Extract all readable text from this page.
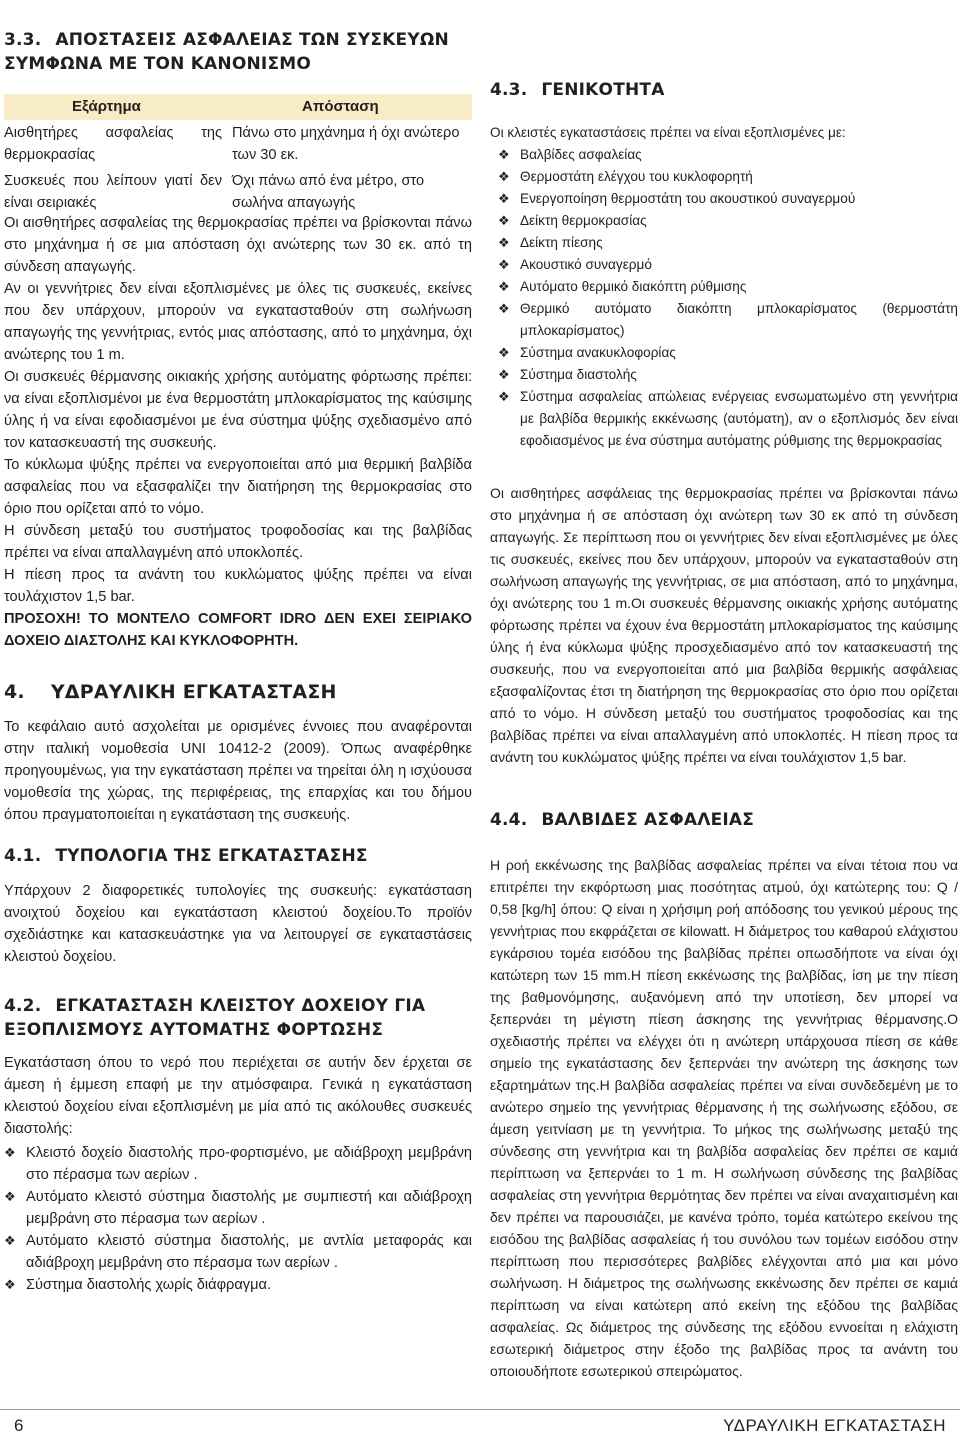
3.3. ΑΠΟΣΤΑΣΕΙΣ ΑΣΦΑΛΕΙΑΣ ΤΩΝ ΣΥΣΚΕΥΩΝ ΣΥΜΦΩΝΑ ΜΕ ΤΟΝ ΚΑΝΟΝΙΣΜΟ
Εξάρτημα	Απόσταση
Αισθητήρες ασφαλείας της θερμοκρασίας
Πάνω στο μηχάνημα ή όχι ανώτερο των 30 εκ.
Συσκευές που λείπουν γιατί δεν είναι σειριακές
Όχι πάνω από ένα μέτρο, στο σωλήνα απαγωγής

Οι αισθητήρες ασφαλείας της θερμοκρασίας πρέπει να βρίσκονται πάνω στο μηχάνημα ή σε μια απόσταση όχι ανώτερης των 30 εκ. από τη σύνδεση απαγωγής.

Αν οι γεννήτριες δεν είναι εξοπλισμένες με όλες τις συσκευές, εκείνες που δεν υπάρχουν, μπορούν να εγκατασταθούν στη σωλήνωση απαγωγής της γεννήτριας, εντός μιας απόστασης, από το μηχάνημα, όχι ανώτερης του 1 m.

Οι συσκευές θέρμανσης οικιακής χρήσης αυτόματης φόρτωσης πρέπει: να είναι εξοπλισμένοι με ένα θερμοστάτη μπλοκαρίσματος της καύσιμης ύλης ή να είναι εφοδιασμένοι με ένα σύστημα ψύξης σχεδιασμένο από τον κατασκευαστή της συσκευής.

Το κύκλωμα ψύξης πρέπει να ενεργοποιείται από μια θερμική βαλβίδα ασφαλείας που να εξασφαλίζει την διατήρηση της θερμοκρασίας στο όριο που ορίζεται από το νόμο.

Η σύνδεση μεταξύ του συστήματος τροφοδοσίας και της βαλβίδας πρέπει να είναι απαλλαγμένη από υποκλοπές.

Η πίεση προς τα ανάντη του κυκλώματος ψύξης πρέπει να είναι τουλάχιστον 1,5 bar.

ΠΡΟΣΟΧΗ! ΤΟ ΜΟΝΤΕΛΟ COMFORT IDRO ΔΕΝ ΕΧΕΙ ΣΕΙΡΙΑΚΟ ΔΟΧΕΙΟ ΔΙΑΣΤΟΛΗΣ ΚΑΙ ΚΥΚΛΟΦΟΡΗΤΗ.

4. ΥΔΡΑΥΛΙΚΗ ΕΓΚΑΤΑΣΤΑΣΗ

Το κεφάλαιο αυτό ασχολείται με ορισμένες έννοιες που αναφέρονται στην ιταλική νομοθεσία UNI 10412-2 (2009). Όπως αναφέρθηκε προηγουμένως, για την εγκατάσταση πρέπει να τηρείται όλη η ισχύουσα νομοθεσία της χώρας, της περιφέρειας, της επαρχίας και του δήμου όπου πραγματοποιείται η εγκατάσταση της συσκευής.

4.1. ΤΥΠΟΛΟΓΙΑ ΤΗΣ ΕΓΚΑΤΑΣΤΑΣΗΣ

Υπάρχουν 2 διαφορετικές τυπολογίες της συσκευής: εγκατάσταση ανοιχτού δοχείου και εγκατάσταση κλειστού δοχείου.Το προϊόν σχεδιάστηκε και κατασκευάστηκε για να λειτουργεί σε εγκαταστάσεις κλειστού δοχείου.

4.2. ΕΓΚΑΤΑΣΤΑΣΗ ΚΛΕΙΣΤΟΥ ΔΟΧΕΙΟΥ ΓΙΑ ΕΞΟΠΛΙΣΜΟΥΣ ΑΥΤΟΜΑΤΗΣ ΦΟΡΤΩΣΗΣ

Εγκατάσταση όπου το νερό που περιέχεται σε αυτήν δεν έρχεται σε άμεση ή έμμεση επαφή με την ατμόσφαιρα. Γενικά η εγκατάσταση κλειστού δοχείου είναι εξοπλισμένη με μία από τις ακόλουθες συσκευές διαστολής:

❖ Κλειστό δοχείο διαστολής προ-φορτισμένο, με αδιάβροχη μεμβράνη στο πέρασμα των αερίων .
❖ Αυτόματο κλειστό σύστημα διαστολής με συμπιεστή και αδιάβροχη μεμβράνη στο πέρασμα των αερίων .
❖ Αυτόματο κλειστό σύστημα διαστολής, με αντλία μεταφοράς και αδιάβροχη μεμβράνη στο πέρασμα των αερίων .
❖ Σύστημα διαστολής χωρίς διάφραγμα.
4.3. ΓΕΝΙΚΟΤΗΤΑ

Οι κλειστές εγκαταστάσεις πρέπει να είναι εξοπλισμένες με:

❖ Βαλβίδες ασφαλείας
❖ Θερμοστάτη ελέγχου του κυκλοφορητή
❖ Ενεργοποίηση θερμοστάτη του ακουστικού συναγερμού
❖ Δείκτη θερμοκρασίας
❖ Δείκτη πίεσης
❖ Ακουστικό συναγερμό
❖ Αυτόματο θερμικό διακόπτη ρύθμισης
❖ Θερμικό αυτόματο διακόπτη μπλοκαρίσματος (θερμοστάτη μπλοκαρίσματος)
❖ Σύστημα ανακυκλοφορίας
❖ Σύστημα διαστολής
❖ Σύστημα ασφαλείας απώλειας ενέργειας ενσωματωμένο στη γεννήτρια με βαλβίδα θερμικής εκκένωσης (αυτόματη), αν ο εξοπλισμός δεν είναι εφοδιασμένος με ένα σύστημα αυτόματης ρύθμισης της θερμοκρασίας

Οι αισθητήρες ασφάλειας της θερμοκρασίας πρέπει να βρίσκονται πάνω στο μηχάνημα ή σε απόσταση όχι ανώτερη των 30 εκ από τη σύνδεση απαγωγής. Σε περίπτωση που οι γεννήτριες δεν είναι εξοπλισμένες με όλες τις συσκευές, εκείνες που δεν υπάρχουν, μπορούν να εγκατασταθούν στη σωλήνωση απαγωγής της γεννήτριας, σε μια απόσταση, από το μηχάνημα, όχι ανώτερης του 1 m.Οι συσκευές θέρμανσης οικιακής χρήσης αυτόματης φόρτωσης πρέπει να έχουν ένα θερμοστάτη μπλοκαρίσματος της καύσιμης ύλης ή ένα κύκλωμα ψύξης προσχεδιασμένο από τον κατασκευαστή της συσκευής, που να ενεργοποιείται από μια βαλβίδα θερμικής ασφάλειας εξασφαλίζοντας έτσι τη διατήρηση της θερμοκρασίας στο όριο που ορίζεται από το νόμο. Η σύνδεση μεταξύ του συστήματος τροφοδοσίας και της βαλβίδας πρέπει να είναι απαλλαγμένη από υποκλοπές. Η πίεση προς τα ανάντη του κυκλώματος ψύξης πρέπει να είναι τουλάχιστον 1,5 bar.

4.4. ΒΑΛΒΙΔΕΣ ΑΣΦΑΛΕΙΑΣ

Η ροή εκκένωσης της βαλβίδας ασφαλείας πρέπει να είναι τέτοια που να επιτρέπει την εκφόρτωση μιας ποσότητας ατμού, όχι κατώτερης του: Q / 0,58 [kg/h] όπου: Q είναι η χρήσιμη ροή απόδοσης του γενικού μέρους της γεννήτριας που εκφράζεται σε kilowatt. Η διάμετρος του καθαρού ελάχιστου εγκάρσιου τομέα εισόδου της βαλβίδας πρέπει οπωσδήποτε να είναι όχι κατώτερη των 15 mm.Η πίεση εκκένωσης της βαλβίδας, ίση με την πίεση της βαθμονόμησης, αυξανόμενη από την υποτίεση, δεν μπορεί να ξεπερνάει τη μέγιστη πίεση άσκησης της γεννήτριας θέρμανσης.Ο σχεδιαστής πρέπει να ελέγχει ότι η ανώτερη υπάρχουσα πίεση σε κάθε σημείο της εγκατάστασης δεν ξεπερνάει την ανώτερη της άσκησης των εξαρτημάτων της.Η βαλβίδα ασφαλείας πρέπει να είναι συνδεδεμένη με το ανώτερο σημείο της γεννήτριας θέρμανσης ή της σωλήνωσης εξόδου, σε άμεση γειτνίαση με τη γεννήτρια. Το μήκος της σωλήνωσης μεταξύ της σύνδεσης στη γεννήτρια και τη βαλβίδα ασφαλείας δεν πρέπει σε καμιά περίπτωση να ξεπερνάει το 1 m. Η σωλήνωση σύνδεσης της βαλβίδας ασφαλείας στη γεννήτρια θερμότητας δεν πρέπει να είναι αναχαιτισμένη και δεν πρέπει να παρουσιάζει, με κανένα τρόπο, τομέα κατώτερο εκείνου της εισόδου της βαλβίδας ασφαλείας ή του συνόλου των τομέων εισόδου στην περίπτωση που περισσότερες βαλβίδες ελέγχονται από μια και μόνο σωλήνωση. Η διάμετρος της σωλήνωσης εκκένωσης δεν πρέπει σε καμιά περίπτωση να είναι κατώτερη από εκείνη της εξόδου της βαλβίδας ασφαλείας. Ως διάμετρος της σύνδεσης της εξόδου εννοείται η ελάχιστη εσωτερική διάμετρος στην έξοδο της βαλβίδας προς τα ανάντη του οποιουδήποτε εσωτερικού σπειρώματος.

6	ΥΔΡΑΥΛΙΚΗ ΕΓΚΑΤΑΣΤΑΣΗ
